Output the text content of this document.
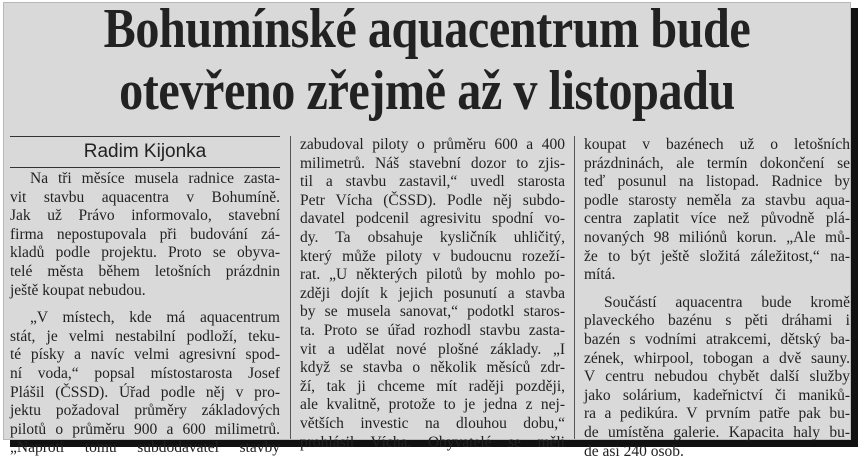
Bohumínské aquacentrum bude
otevřeno zřejmě až v listopadu
Radim Kijonka
Na tři měsíce musela radnice zasta-
vit stavbu aquacentra v Bohumíně.
Jak už Právo informovalo, stavební
firma nepostupovala při budování zá-
kladů podle projektu. Proto se obyva-
telé města během letošních prázdnin
ještě koupat nebudou.
„V místech, kde má aquacentrum
stát, je velmi nestabilní podloží, teku-
té písky a navíc velmi agresivní spod-
ní voda,“ popsal místostarosta Josef
Plášil (ČSSD). Úřad podle něj v pro-
jektu požadoval průměry základových
pilotů o průměru 900 a 600 milimetrů.
„Naproti tomu subdodavatel stavby
zabudoval piloty o průměru 600 a 400
milimetrů. Náš stavební dozor to zjis-
til a stavbu zastavil,“ uvedl starosta
Petr Vícha (ČSSD). Podle něj subdo-
davatel podcenil agresivitu spodní vo-
dy. Ta obsahuje kysličník uhličitý,
který může piloty v budoucnu rozeží-
rat. „U některých pilotů by mohlo po-
zději dojít k jejich posunutí a stavba
by se musela sanovat,“ podotkl staros-
ta. Proto se úřad rozhodl stavbu zasta-
vit a udělat nové plošné základy. „I
když se stavba o několik měsíců zdr-
ží, tak ji chceme mít raději později,
ale kvalitně, protože to je jedna z nej-
větších investic na dlouhou dobu,“
prohlásil Vícha. Obyvatelé se měli
koupat v bazénech už o letošních
prázdninách, ale termín dokončení se
teď posunul na listopad. Radnice by
podle starosty neměla za stavbu aqua-
centra zaplatit více než původně plá-
novaných 98 miliónů korun. „Ale mů-
že to být ještě složitá záležitost,“ na-
mítá.
Součástí aquacentra bude kromě
plaveckého bazénu s pěti dráhami i
bazén s vodními atrakcemi, dětský ba-
zének, whirpool, tobogan a dvě sauny.
V centru nebudou chybět další služby
jako solárium, kadeřnictví či maniků-
ra a pedikúra. V prvním patře pak bu-
de umístěna galerie. Kapacita haly bu-
de asi 240 osob.
